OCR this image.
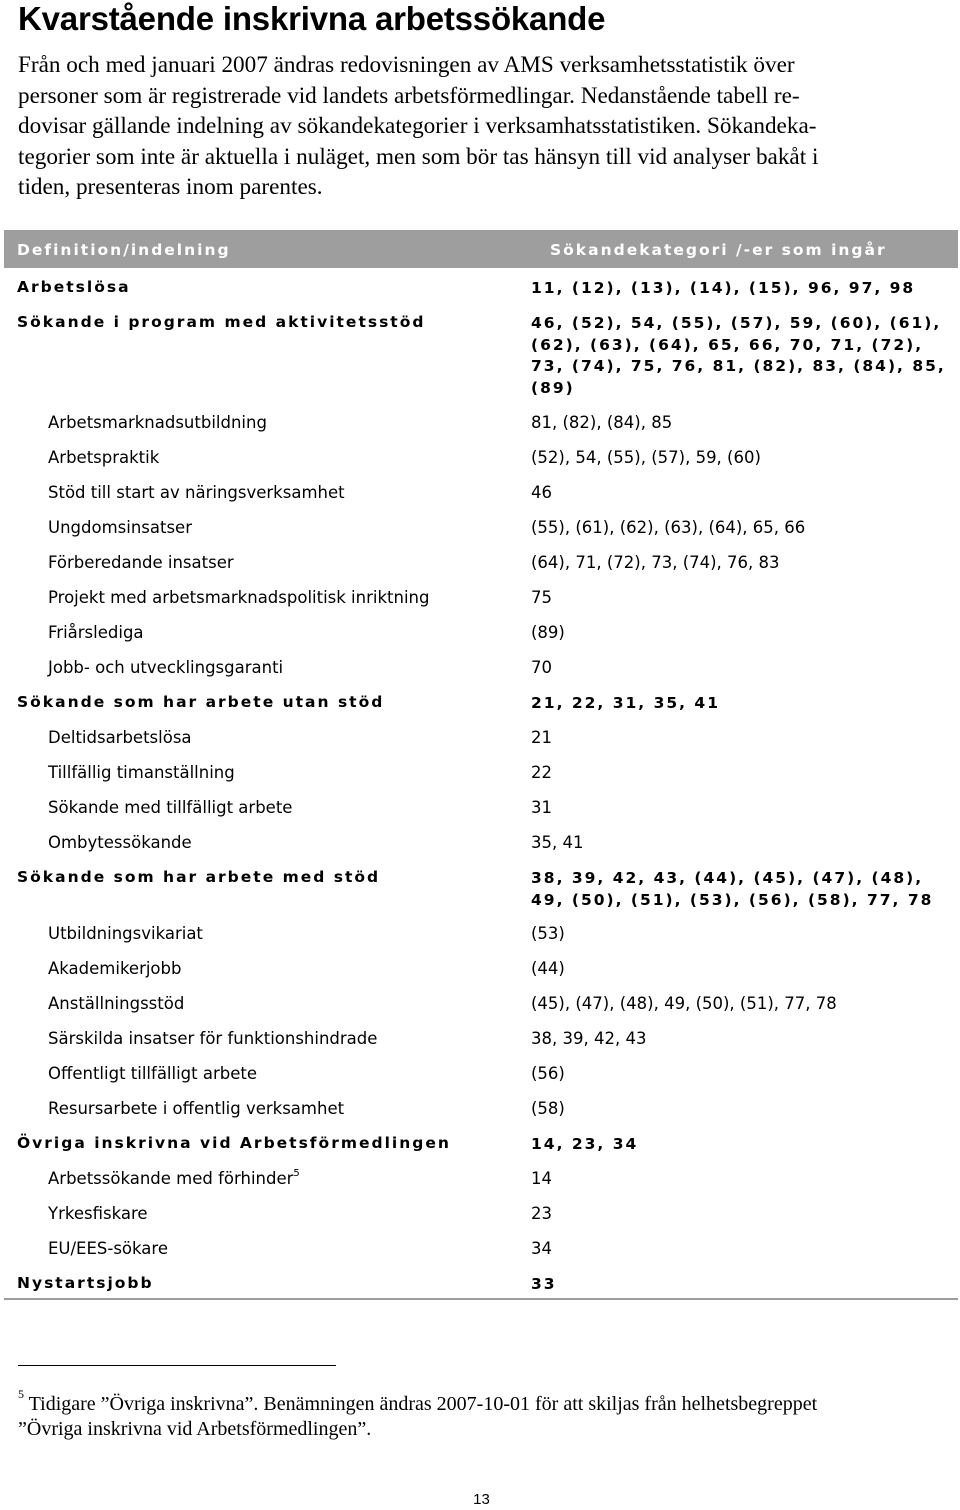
Kvarstående inskrivna arbetssökande

Från och med januari 2007 ändras redovisningen av AMS verksamhetsstatistik över
personer som är registrerade vid landets arbetsförmedlingar. Nedanstående tabell re-
dovisar gällande indelning av sökandekategorier i verksamhatsstatistiken. Sökandeka-
tegorier som inte är aktuella i nuläget, men som bör tas hänsyn till vid analyser bakåt i
tiden, presenteras inom parentes.

Definition/indelning	Sökandekategori /-er som ingår
Arbetslösa	11, (12), (13), (14), (15), 96, 97, 98
Sökande i program med aktivitetsstöd	46, (52), 54, (55), (57), 59, (60), (61),
(62), (63), (64), 65, 66, 70, 71, (72),
73, (74), 75, 76, 81, (82), 83, (84), 85,
(89)
Arbetsmarknadsutbildning	81, (82), (84), 85
Arbetspraktik	(52), 54, (55), (57), 59, (60)
Stöd till start av näringsverksamhet	46
Ungdomsinsatser	(55), (61), (62), (63), (64), 65, 66
Förberedande insatser	(64), 71, (72), 73, (74), 76, 83
Projekt med arbetsmarknadspolitisk inriktning	75
Friårslediga	(89)
Jobb- och utvecklingsgaranti	70
Sökande som har arbete utan stöd	21, 22, 31, 35, 41
Deltidsarbetslösa	21
Tillfällig timanställning	22
Sökande med tillfälligt arbete	31
Ombytessökande	35, 41
Sökande som har arbete med stöd	38, 39, 42, 43, (44), (45), (47), (48),
49, (50), (51), (53), (56), (58), 77, 78
Utbildningsvikariat	(53)
Akademikerjobb	(44)
Anställningsstöd	(45), (47), (48), 49, (50), (51), 77, 78
Särskilda insatser för funktionshindrade	38, 39, 42, 43
Offentligt tillfälligt arbete	(56)
Resursarbete i offentlig verksamhet	(58)
Övriga inskrivna vid Arbetsförmedlingen	14, 23, 34
Arbetssökande med förhinder$^5$	14
Yrkesfiskare	23
EU/EES-sökare	34
Nystartsjobb	33

$^5$ Tidigare ”Övriga inskrivna”. Benämningen ändras 2007-10-01 för att skiljas från helhetsbegreppet
”Övriga inskrivna vid Arbetsförmedlingen”.

13
